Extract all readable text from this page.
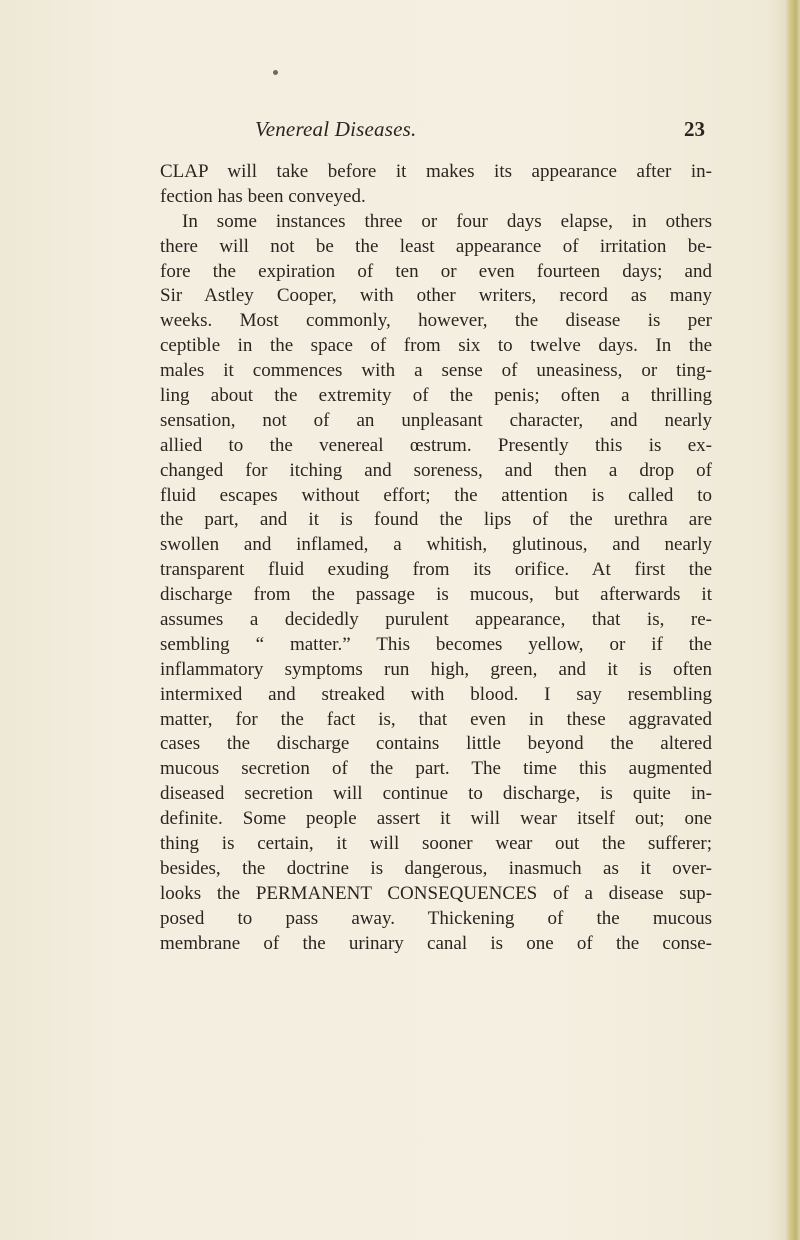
Venereal Diseases.	23
CLAP will take before it makes its appearance after in-
fection has been conveyed.
In some instances three or four days elapse, in others
there will not be the least appearance of irritation be-
fore the expiration of ten or even fourteen days; and
Sir Astley Cooper, with other writers, record as many
weeks. Most commonly, however, the disease is per
ceptible in the space of from six to twelve days. In the
males it commences with a sense of uneasiness, or ting-
ling about the extremity of the penis; often a thrilling
sensation, not of an unpleasant character, and nearly
allied to the venereal œstrum. Presently this is ex-
changed for itching and soreness, and then a drop of
fluid escapes without effort; the attention is called to
the part, and it is found the lips of the urethra are
swollen and inflamed, a whitish, glutinous, and nearly
transparent fluid exuding from its orifice. At first the
discharge from the passage is mucous, but afterwards it
assumes a decidedly purulent appearance, that is, re-
sembling “ matter.” This becomes yellow, or if the
inflammatory symptoms run high, green, and it is often
intermixed and streaked with blood. I say resembling
matter, for the fact is, that even in these aggravated
cases the discharge contains little beyond the altered
mucous secretion of the part. The time this augmented
diseased secretion will continue to discharge, is quite in-
definite. Some people assert it will wear itself out; one
thing is certain, it will sooner wear out the sufferer;
besides, the doctrine is dangerous, inasmuch as it over-
looks the PERMANENT CONSEQUENCES of a disease sup-
posed to pass away. Thickening of the mucous
membrane of the urinary canal is one of the conse-
